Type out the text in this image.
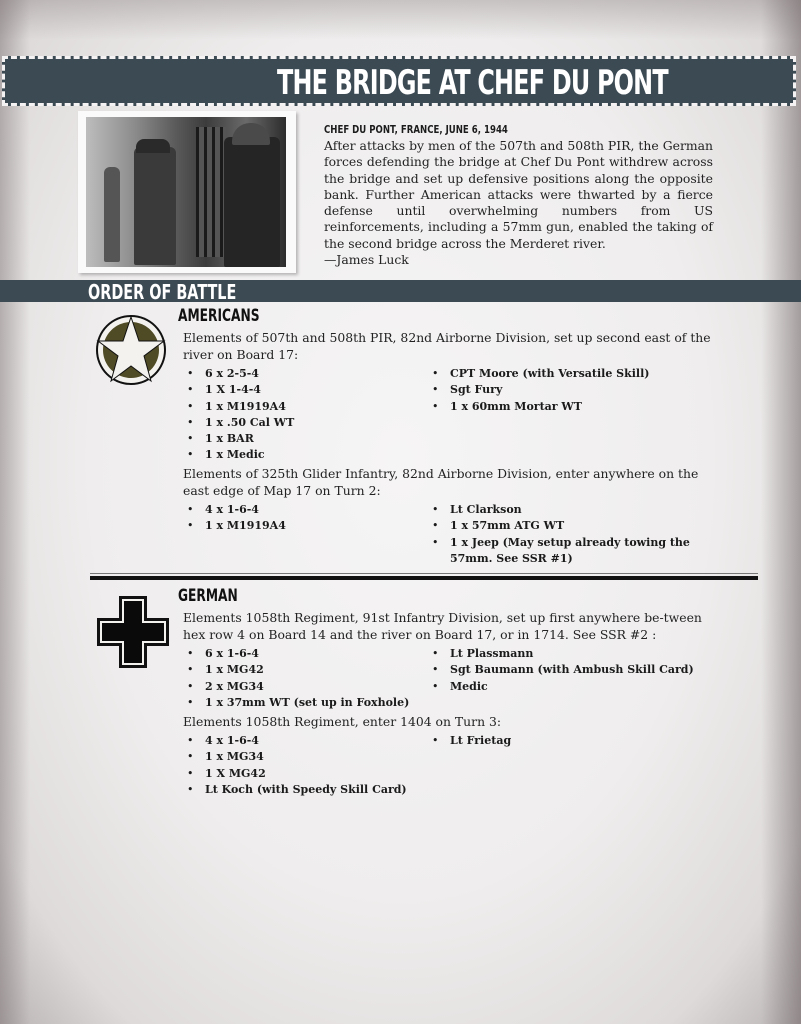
THE BRIDGE AT CHEF DU PONT
CHEF DU PONT, FRANCE, JUNE 6, 1944
After attacks by men of the 507th and 508th PIR, the German forces defending the bridge at Chef Du Pont withdrew across the bridge and set up defensive positions along the opposite bank. Further American attacks were thwarted by a fierce defense until overwhelming numbers from US reinforcements, including a 57mm gun, enabled the taking of the second bridge across the Merderet river.
—James Luck
ORDER OF BATTLE
AMERICANS
Elements of 507th and 508th PIR, 82nd Airborne Division, set up second east of the river on Board 17:
• 6 x 2-5-4
• 1 X 1-4-4
• 1 x M1919A4
• 1 x .50 Cal WT
• 1 x BAR
• 1 x Medic
• CPT Moore (with Versatile Skill)
• Sgt Fury
• 1 x 60mm Mortar WT
Elements of 325th Glider Infantry, 82nd Airborne Division, enter anywhere on the east edge of Map 17 on Turn 2:
• 4 x 1-6-4
• 1 x M1919A4
• Lt Clarkson
• 1 x 57mm ATG WT
• 1 x Jeep (May setup already towing the 57mm. See SSR #1)
GERMAN
Elements 1058th Regiment, 91st Infantry Division, set up first anywhere be-tween hex row 4 on Board 14 and the river on Board 17, or in 1714. See SSR #2 :
• 6 x 1-6-4
• 1 x MG42
• 2 x MG34
• 1 x 37mm WT (set up in Foxhole)
• Lt Plassmann
• Sgt Baumann (with Ambush Skill Card)
• Medic
Elements 1058th Regiment, enter 1404 on Turn 3:
• 4 x 1-6-4
• 1 x MG34
• 1 X MG42
• Lt Koch (with Speedy Skill Card)
• Lt Frietag
